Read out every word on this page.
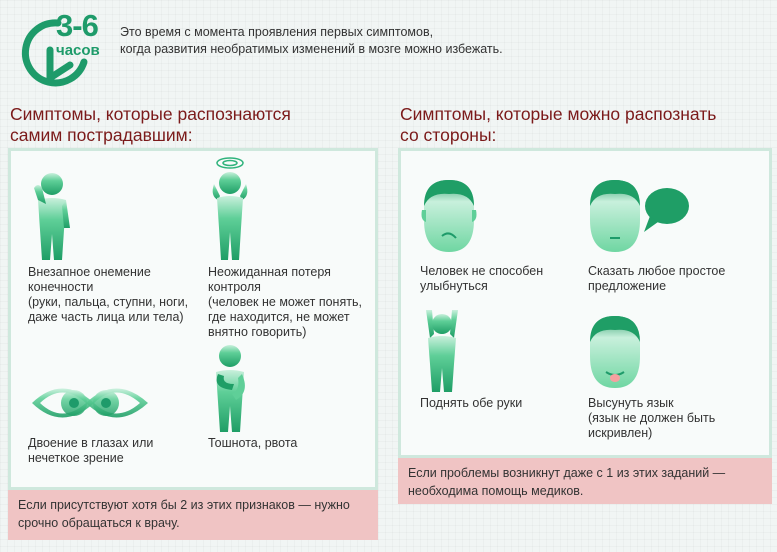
3-6
часов
Это время с момента проявления первых симптомов,
когда развития необратимых изменений в мозге можно избежать.
Симптомы, которые распознаются
самим пострадавшим:
Симптомы, которые можно распознать
со стороны:
Внезапное онемение
конечности
(руки, пальца, ступни, ноги,
даже часть лица или тела)
Неожиданная потеря
контроля
(человек не может понять,
где находится, не может
внятно говорить)
Двоение в глазах или
нечеткое зрение
Тошнота, рвота
Человек не способен
улыбнуться
Сказать любое простое
предложение
Поднять обе руки	Высунуть язык
(язык не должен быть
искривлен)
Если присутствуют хотя бы 2 из этих признаков — нужно
срочно обращаться к врачу.
Если проблемы возникнут даже с 1 из этих заданий —
необходима помощь медиков.
